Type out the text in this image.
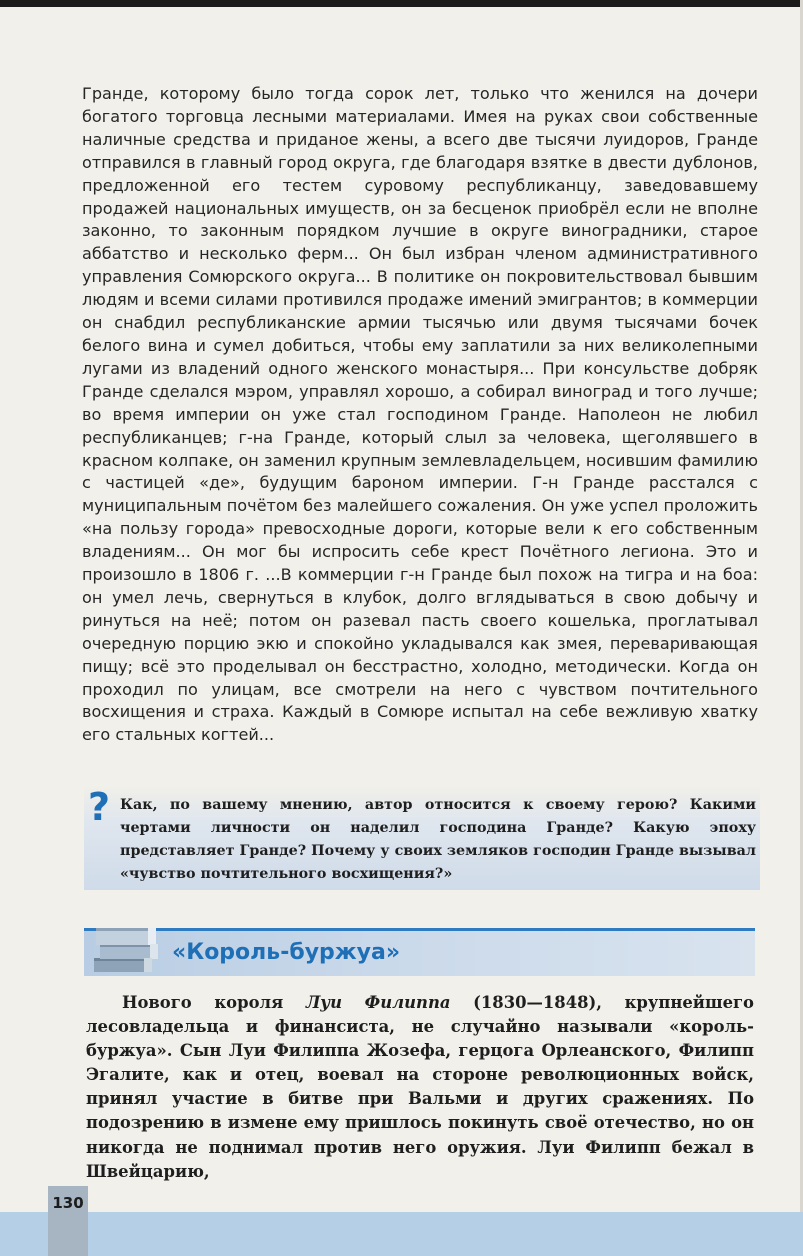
Гранде, которому было тогда сорок лет, только что женился на дочери богатого торговца лесными материалами. Имея на руках свои собственные наличные средства и приданое жены, а всего две тысячи луидоров, Гранде отправился в главный город округа, где благодаря взятке в двести дублонов, предложенной его тестем суровому республиканцу, заведовавшему продажей национальных имуществ, он за бесценок приобрёл если не вполне законно, то законным порядком лучшие в округе виноградники, старое аббатство и несколько ферм... Он был избран членом административного управления Сомюрского округа... В политике он покровительствовал бывшим людям и всеми силами противился продаже имений эмигрантов; в коммерции он снабдил республиканские армии тысячью или двумя тысячами бочек белого вина и сумел добиться, чтобы ему заплатили за них великолепными лугами из владений одного женского монастыря... При консульстве добряк Гранде сделался мэром, управлял хорошо, а собирал виноград и того лучше; во время империи он уже стал господином Гранде. Наполеон не любил республиканцев; г-на Гранде, который слыл за человека, щеголявшего в красном колпаке, он заменил крупным землевладельцем, носившим фамилию с частицей «де», будущим бароном империи. Г-н Гранде расстался с муниципальным почётом без малейшего сожаления. Он уже успел проложить «на пользу города» превосходные дороги, которые вели к его собственным владениям... Он мог бы испросить себе крест Почётного легиона. Это и произошло в 1806 г. ...В коммерции г-н Гранде был похож на тигра и на боа: он умел лечь, свернуться в клубок, долго вглядываться в свою добычу и ринуться на неё; потом он разевал пасть своего кошелька, проглатывал очередную порцию экю и спокойно укладывался как змея, переваривающая пищу; всё это проделывал он бесстрастно, холодно, методически. Когда он проходил по улицам, все смотрели на него с чувством почтительного восхищения и страха. Каждый в Сомюре испытал на себе вежливую хватку его стальных когтей...

? Как, по вашему мнению, автор относится к своему герою? Какими чертами личности он наделил господина Гранде? Какую эпоху представляет Гранде? Почему у своих земляков господин Гранде вызывал «чувство почтительного восхищения?»

«Король-буржуа»

Нового короля Луи Филиппа (1830—1848), крупнейшего лесовладельца и финансиста, не случайно называли «король-буржуа». Сын Луи Филиппа Жозефа, герцога Орлеанского, Филипп Эгалите, как и отец, воевал на стороне революционных войск, принял участие в битве при Вальми и других сражениях. По подозрению в измене ему пришлось покинуть своё отечество, но он никогда не поднимал против него оружия. Луи Филипп бежал в Швейцарию,

130
